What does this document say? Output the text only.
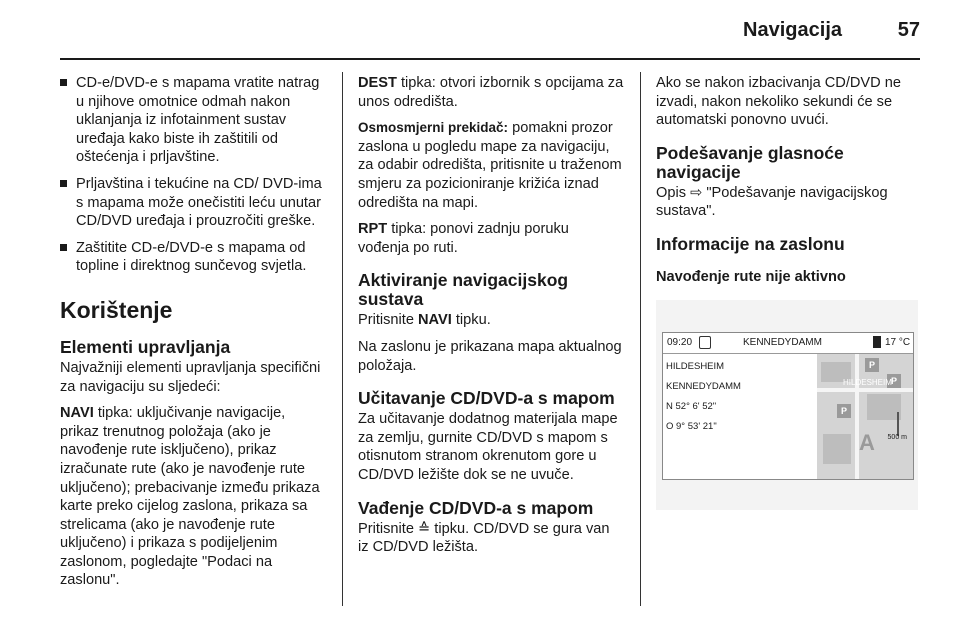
Navigacija	57
CD-e/DVD-e s mapama vratite natrag u njihove omotnice odmah nakon uklanjanja iz infotainment sustav uređaja kako biste ih zaštitili od oštećenja i prljavštine.
Prljavština i tekućine na CD/ DVD-ima s mapama može onečistiti leću unutar CD/DVD uređaja i prouzročiti greške.
Zaštitite CD-e/DVD-e s mapama od topline i direktnog sunčevog svjetla.
Korištenje
Elementi upravljanja

Najvažniji elementi upravljanja specifični za navigaciju su sljedeći:

NAVI tipka: uključivanje navigacije, prikaz trenutnog položaja (ako je navođenje rute isključeno), prikaz izračunate rute (ako je navođenje rute uključeno); prebacivanje između prikaza karte preko cijelog zaslona, prikaza sa strelicama (ako je navođenje rute uključeno) i prikaza s podijeljenim zaslonom, pogledajte "Podaci na zaslonu".

DEST tipka: otvori izbornik s opcijama za unos odredišta.

Osmosmjerni prekidač: pomakni prozor zaslona u pogledu mape za navigaciju, za odabir odredišta, pritisnite u traženom smjeru za pozicioniranje križića iznad odredišta na mapi.

RPT tipka: ponovi zadnju poruku vođenja po ruti.

Aktiviranje navigacijskog sustava

Pritisnite NAVI tipku.

Na zaslonu je prikazana mapa aktualnog položaja.

Učitavanje CD/DVD-a s mapom

Za učitavanje dodatnog materijala mape za zemlju, gurnite CD/DVD s mapom s otisnutom stranom okrenutom gore u CD/DVD ležište dok se ne uvuče.

Vađenje CD/DVD-a s mapom

Pritisnite ≙ tipku. CD/DVD se gura van iz CD/DVD ležišta.

Ako se nakon izbacivanja CD/DVD ne izvadi, nakon nekoliko sekundi će se automatski ponovno uvući.

Podešavanje glasnoće navigacije

Opis ⇨ "Podešavanje navigacijskog sustava".

Informacije na zaslonu
Navođenje rute nije aktivno
09:20	KENNEDYDAMM	17 °C
HILDESHEIM
KENNEDYDAMM
N 52° 6' 52"
O 9° 53' 21"
P
P
P
HILDESHEIM
A 500 m
